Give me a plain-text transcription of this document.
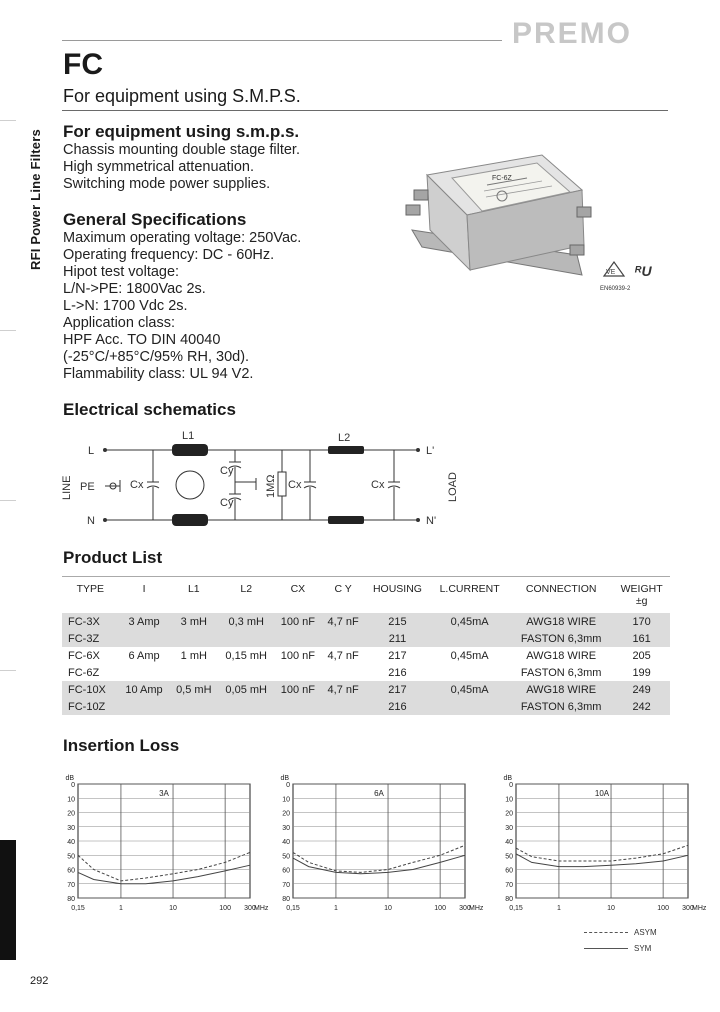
RFI Power Line Filters
PREMO
FC
For equipment using S.M.P.S.
For equipment using s.m.p.s.
Chassis mounting double stage filter.
High symmetrical attenuation.
Switching mode power supplies.
General Specifications
Maximum operating voltage: 250Vac.
Operating frequency: DC - 60Hz.
Hipot test voltage:
L/N->PE: 1800Vac 2s.
L->N: 1700 Vdc 2s.
Application class:
HPF Acc. TO DIN 40040
(-25°C/+85°C/95% RH, 30d).
Flammability class: UL 94 V2.
FC-6Z
VE ᴿU
EN60939-2
Electrical schematics
L
N
PE
L1	L2
L'
N'
Cx	Cx	Cx
Cy
Cy
1MΩ
LINE	LOAD
Product List
TYPE	I	L1	L2	CX	C Y	HOUSING	L.CURRENT	CONNECTION	WEIGHT
±g
FC-3X	3 Amp	3 mH	0,3 mH	100 nF	4,7 nF	215	0,45mA	AWG18 WIRE	170
FC-3Z						211		FASTON 6,3mm	161
FC-6X	6 Amp	1 mH	0,15 mH	100 nF	4,7 nF	217	0,45mA	AWG18 WIRE	205
FC-6Z						216		FASTON 6,3mm	199
FC-10X	10 Amp	0,5 mH	0,05 mH	100 nF	4,7 nF	217	0,45mA	AWG18 WIRE	249
FC-10Z						216		FASTON 6,3mm	242
Insertion Loss
0
10
20
30
40
50
60
70
80
0,15	1	10	100 300
MHz
dB
3A
0
10
20
30
40
50
60
70
80
0,15	1	10	100 300
MHz
dB
6A
0
10
20
30
40
50
60
70
80
0,15	1	10	100 300
MHz
dB
10A
ASYM
SYM
292
